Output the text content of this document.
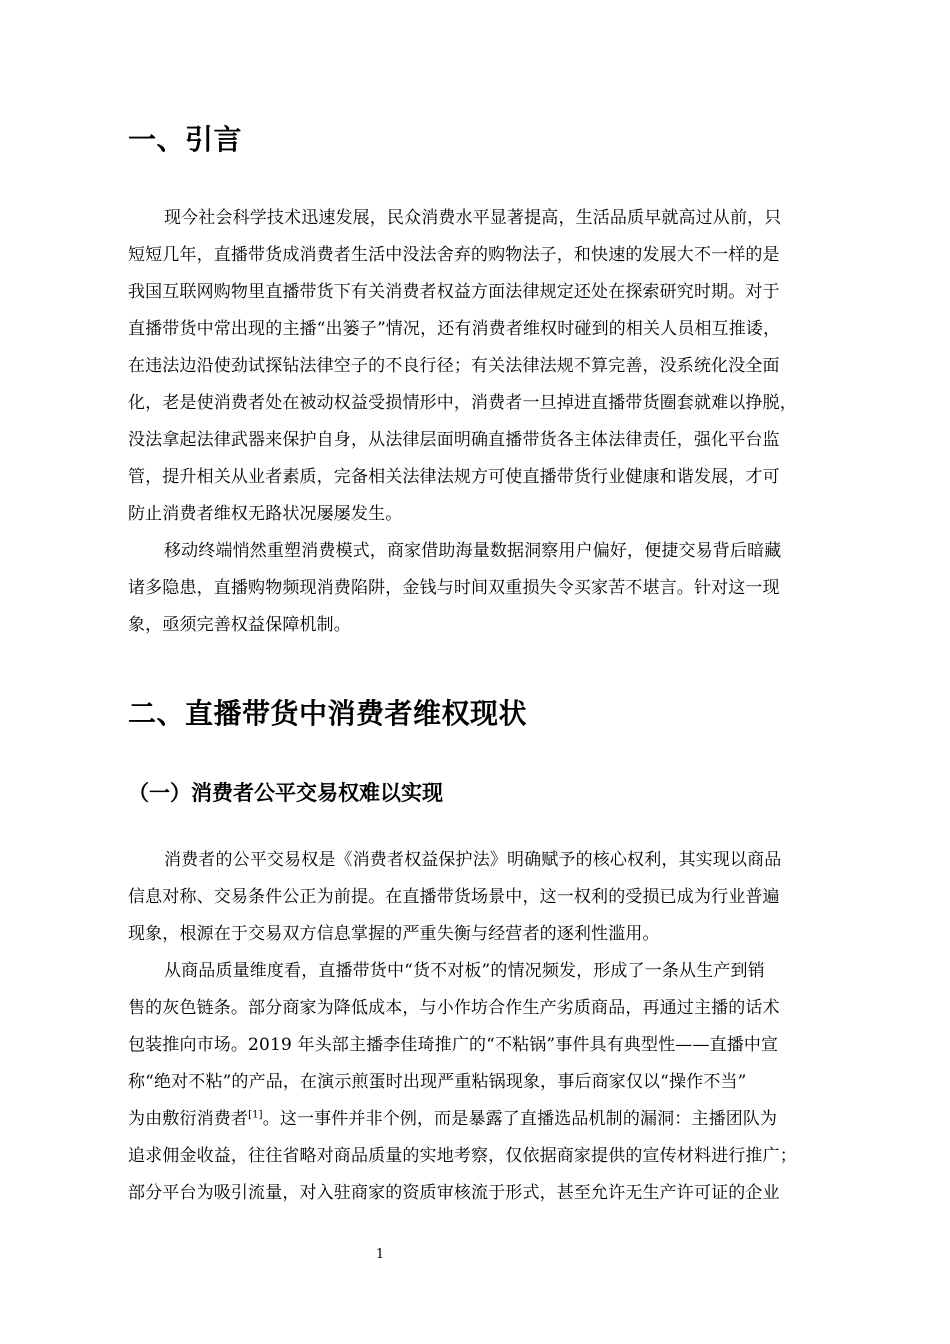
一、引言

现今社会科学技术迅速发展，民众消费水平显著提高，生活品质早就高过从前，只
短短几年，直播带货成消费者生活中没法舍弃的购物法子，和快速的发展大不一样的是
我国互联网购物里直播带货下有关消费者权益方面法律规定还处在探索研究时期。对于
直播带货中常出现的主播“出篓子”情况，还有消费者维权时碰到的相关人员相互推诿，
在违法边沿使劲试探钻法律空子的不良行径；有关法律法规不算完善，没系统化没全面
化，老是使消费者处在被动权益受损情形中，消费者一旦掉进直播带货圈套就难以挣脱，
没法拿起法律武器来保护自身，从法律层面明确直播带货各主体法律责任，强化平台监
管，提升相关从业者素质，完备相关法律法规方可使直播带货行业健康和谐发展，才可
防止消费者维权无路状况屡屡发生。

移动终端悄然重塑消费模式，商家借助海量数据洞察用户偏好，便捷交易背后暗藏
诸多隐患，直播购物频现消费陷阱，金钱与时间双重损失令买家苦不堪言。针对这一现
象，亟须完善权益保障机制。

二、直播带货中消费者维权现状
（一）消费者公平交易权难以实现

消费者的公平交易权是《消费者权益保护法》明确赋予的核心权利，其实现以商品
信息对称、交易条件公正为前提。在直播带货场景中，这一权利的受损已成为行业普遍
现象，根源在于交易双方信息掌握的严重失衡与经营者的逐利性滥用。

从商品质量维度看，直播带货中“货不对板”的情况频发，形成了一条从生产到销
售的灰色链条。部分商家为降低成本，与小作坊合作生产劣质商品，再通过主播的话术
包装推向市场。2019 年头部主播李佳琦推广的“不粘锅”事件具有典型性——直播中宣
称“绝对不粘”的产品，在演示煎蛋时出现严重粘锅现象，事后商家仅以“操作不当”
为由敷衍消费者[1]。这一事件并非个例，而是暴露了直播选品机制的漏洞：主播团队为
追求佣金收益，往往省略对商品质量的实地考察，仅依据商家提供的宣传材料进行推广；
部分平台为吸引流量，对入驻商家的资质审核流于形式，甚至允许无生产许可证的企业

1
